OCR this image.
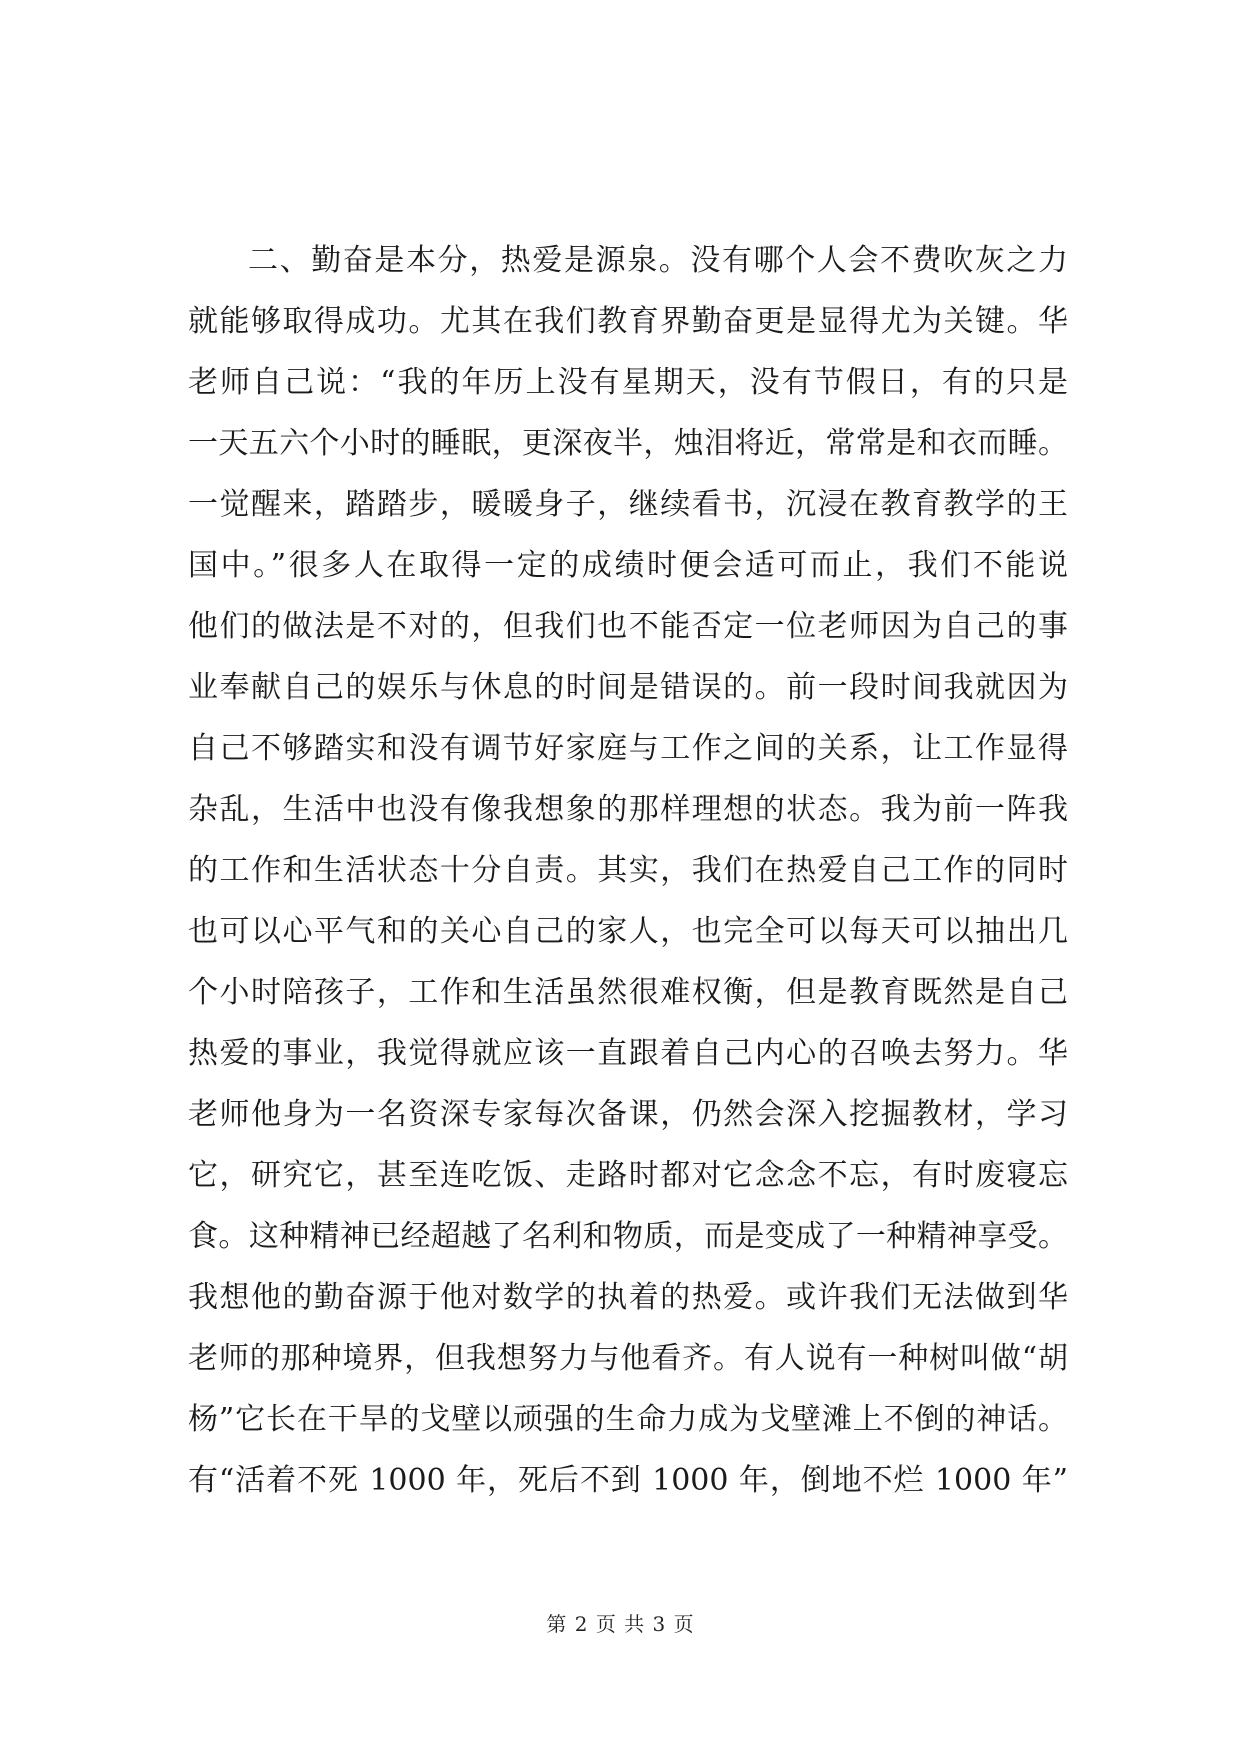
二、勤奋是本分，热爱是源泉。没有哪个人会不费吹灰之力
就能够取得成功。尤其在我们教育界勤奋更是显得尤为关键。华
老师自己说：“我的年历上没有星期天，没有节假日，有的只是
一天五六个小时的睡眠，更深夜半，烛泪将近，常常是和衣而睡。
一觉醒来，踏踏步，暖暖身子，继续看书，沉浸在教育教学的王
国中。”很多人在取得一定的成绩时便会适可而止，我们不能说
他们的做法是不对的，但我们也不能否定一位老师因为自己的事
业奉献自己的娱乐与休息的时间是错误的。前一段时间我就因为
自己不够踏实和没有调节好家庭与工作之间的关系，让工作显得
杂乱，生活中也没有像我想象的那样理想的状态。我为前一阵我
的工作和生活状态十分自责。其实，我们在热爱自己工作的同时
也可以心平气和的关心自己的家人，也完全可以每天可以抽出几
个小时陪孩子，工作和生活虽然很难权衡，但是教育既然是自己
热爱的事业，我觉得就应该一直跟着自己内心的召唤去努力。华
老师他身为一名资深专家每次备课，仍然会深入挖掘教材，学习
它，研究它，甚至连吃饭、走路时都对它念念不忘，有时废寝忘
食。这种精神已经超越了名利和物质，而是变成了一种精神享受。
我想他的勤奋源于他对数学的执着的热爱。或许我们无法做到华
老师的那种境界，但我想努力与他看齐。有人说有一种树叫做“胡
杨”它长在干旱的戈壁以顽强的生命力成为戈壁滩上不倒的神话。
有“活着不死 1000 年，死后不到 1000 年，倒地不烂 1000 年”
第 2 页 共 3 页
